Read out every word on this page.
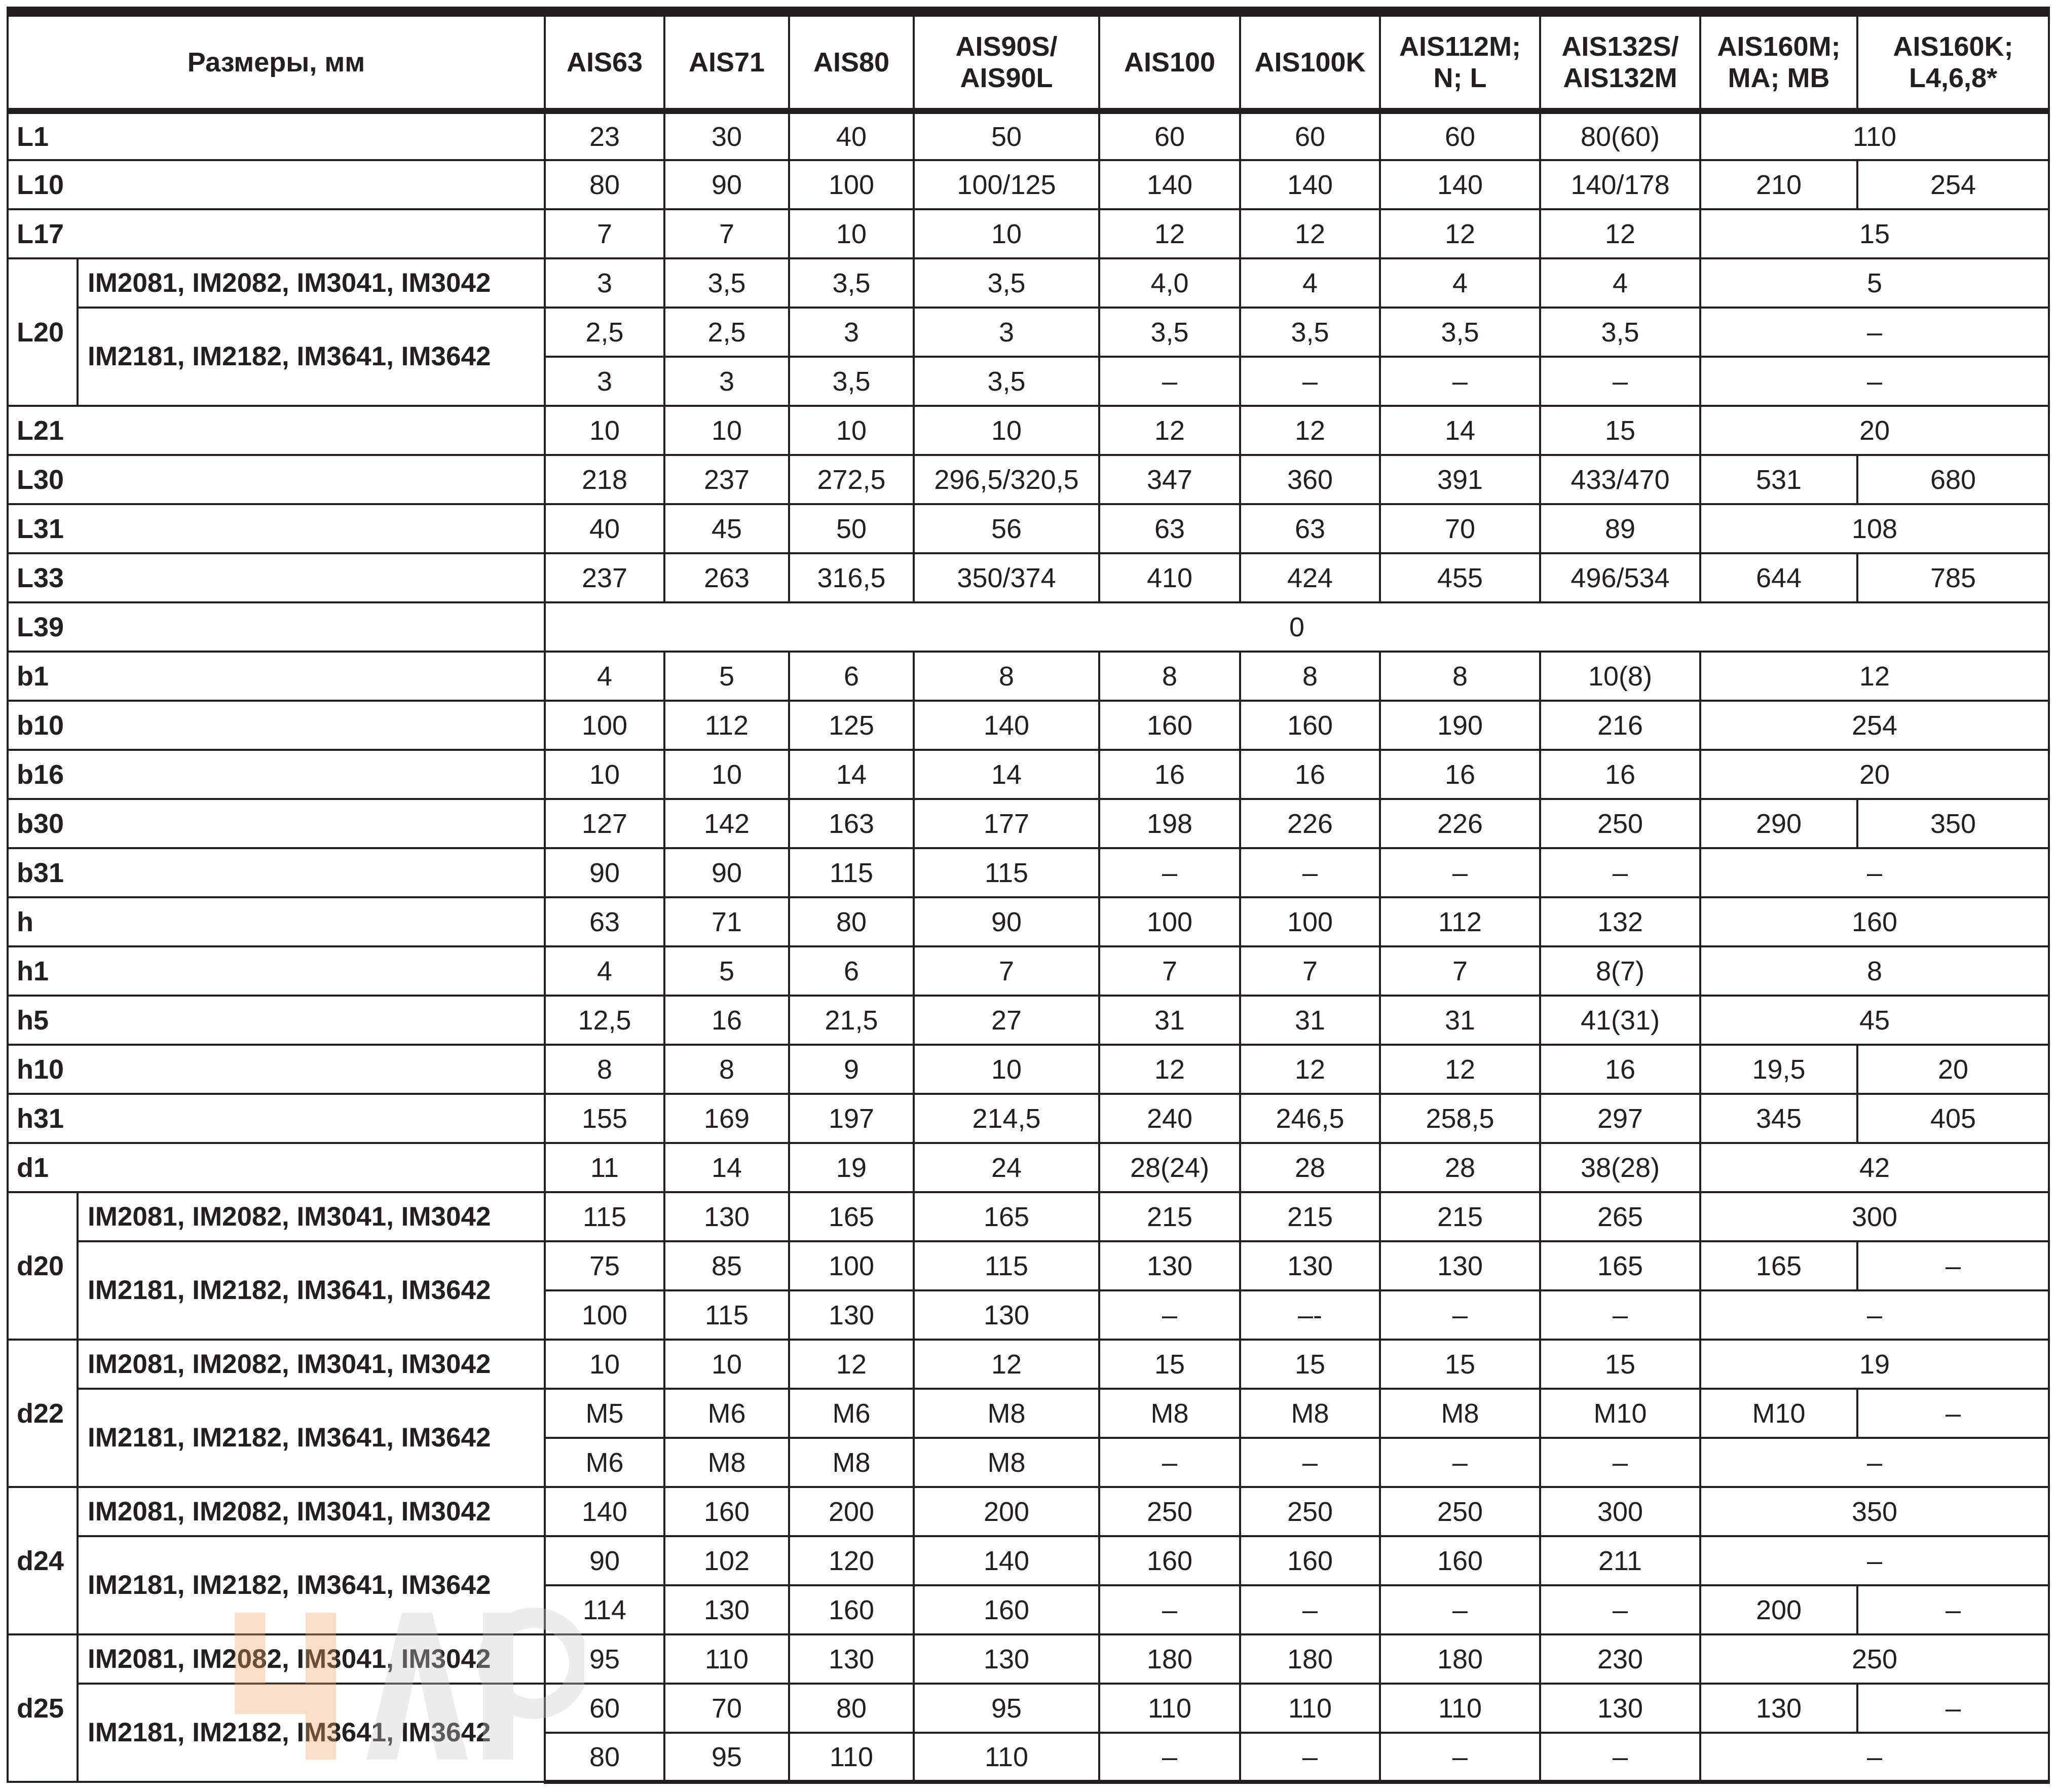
Размеры, мм		AIS63	AIS71	AIS80	AIS90S/
AIS90L	AIS100	AIS100K	AIS112M;
N; L	AIS132S/
AIS132M	AIS160M;
MA; MB	AIS160K;
L4,6,8*
L1		23	30	40	50	60	60	60	80(60)	110	
L10		80	90	100	100/125	140	140	140	140/178	210	254
L17		7	7	10	10	12	12	12	12	15	
L20	IM2081, IM2082, IM3041, IM3042	3	3,5	3,5	3,5	4,0	4	4	4	5	
	IM2181, IM2182, IM3641, IM3642	2,5	2,5	3	3	3,5	3,5	3,5	3,5	–	
		3	3	3,5	3,5	–	–	–	–	–	
L21		10	10	10	10	12	12	14	15	20	
L30		218	237	272,5	296,5/320,5	347	360	391	433/470	531	680
L31		40	45	50	56	63	63	70	89	108	
L33		237	263	316,5	350/374	410	424	455	496/534	644	785
L39		0									
b1		4	5	6	8	8	8	8	10(8)	12	
b10		100	112	125	140	160	160	190	216	254	
b16		10	10	14	14	16	16	16	16	20	
b30		127	142	163	177	198	226	226	250	290	350
b31		90	90	115	115	–	–	–	–	–	
h		63	71	80	90	100	100	112	132	160	
h1		4	5	6	7	7	7	7	8(7)	8	
h5		12,5	16	21,5	27	31	31	31	41(31)	45	
h10		8	8	9	10	12	12	12	16	19,5	20
h31		155	169	197	214,5	240	246,5	258,5	297	345	405
d1		11	14	19	24	28(24)	28	28	38(28)	42	
d20	IM2081, IM2082, IM3041, IM3042	115	130	165	165	215	215	215	265	300	
	IM2181, IM2182, IM3641, IM3642	75	85	100	115	130	130	130	165	165	–
		100	115	130	130	–	–-	–	–	–	
d22	IM2081, IM2082, IM3041, IM3042	10	10	12	12	15	15	15	15	19	
	IM2181, IM2182, IM3641, IM3642	M5	M6	M6	M8	M8	M8	M8	M10	M10	–
		M6	M8	M8	M8	–	–	–	–	–	
d24	IM2081, IM2082, IM3041, IM3042	140	160	200	200	250	250	250	300	350	
	IM2181, IM2182, IM3641, IM3642	90	102	120	140	160	160	160	211	–	
		114	130	160	160	–	–	–	–	200	–
d25	IM2081, IM2082, IM3041, IM3042	95	110	130	130	180	180	180	230	250	
	IM2181, IM2182, IM3641, IM3642	60	70	80	95	110	110	110	130	130	–
		80	95	110	110	–	–	–	–	–	
